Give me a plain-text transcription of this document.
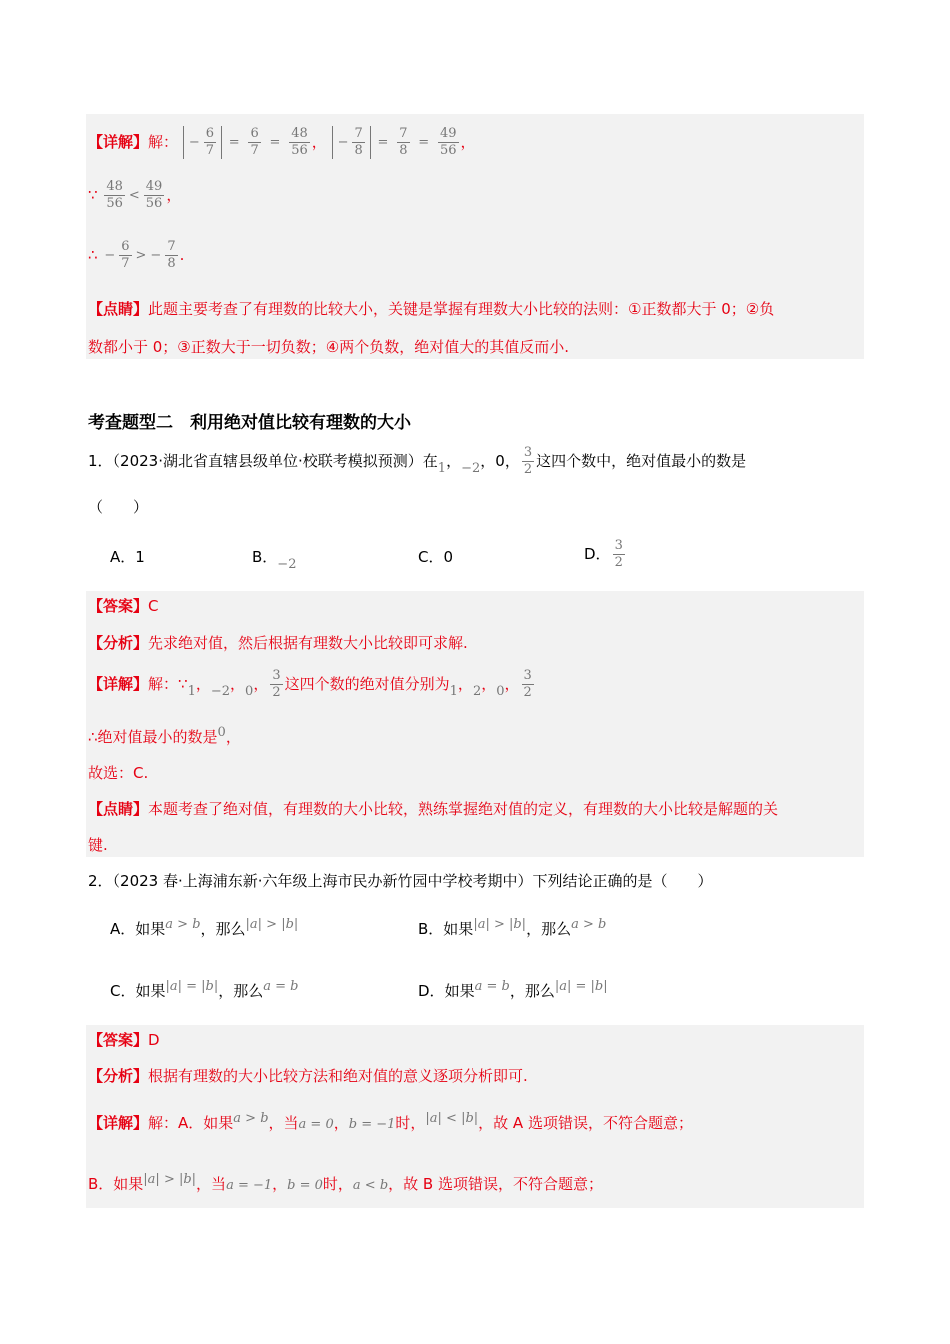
【详解】解： − $\frac{6}{7} = \frac{6}{7} = \frac{48}{56}$ ， − $\frac{7}{8} = \frac{7}{8} = \frac{49}{56}$ ，
∵ $\frac{48}{56} < \frac{49}{56}$ ，
∴ − $\frac{6}{7}$ > − $\frac{7}{8}$ .
【点睛】此题主要考查了有理数的比较大小，关键是掌握有理数大小比较的法则：①正数都大于 0；②负
数都小于 0；③正数大于一切负数；④两个负数，绝对值大的其值反而小.
考查题型二　利用绝对值比较有理数的大小
1．（2023·湖北省直辖县级单位·校联考模拟预测）在1，−2，0， $\frac{3}{2}$ 这四个数中，绝对值最小的数是
（　　）
A．1	B．−2	C．0	D． $\frac{3}{2}$
【答案】C
【分析】先求绝对值，然后根据有理数大小比较即可求解.
【详解】解：∵1，−2，0， $\frac{3}{2}$ 这四个数的绝对值分别为1，2，0， $\frac{3}{2}$
∴绝对值最小的数是0，
故选：C.
【点睛】本题考查了绝对值，有理数的大小比较，熟练掌握绝对值的定义，有理数的大小比较是解题的关
键.
2．（2023 春·上海浦东新·六年级上海市民办新竹园中学校考期中）下列结论正确的是（　　）
A．如果a > b，那么|a| > |b|	B．如果|a| > |b|，那么a > b
C．如果|a| = |b|，那么a = b	D．如果a = b，那么|a| = |b|
【答案】D
【分析】根据有理数的大小比较方法和绝对值的意义逐项分析即可.
【详解】解：A．如果a > b，当a = 0，b = −1时，|a| < |b|，故 A 选项错误，不符合题意；
B．如果|a| > |b|，当a = −1，b = 0时，a < b，故 B 选项错误，不符合题意；
